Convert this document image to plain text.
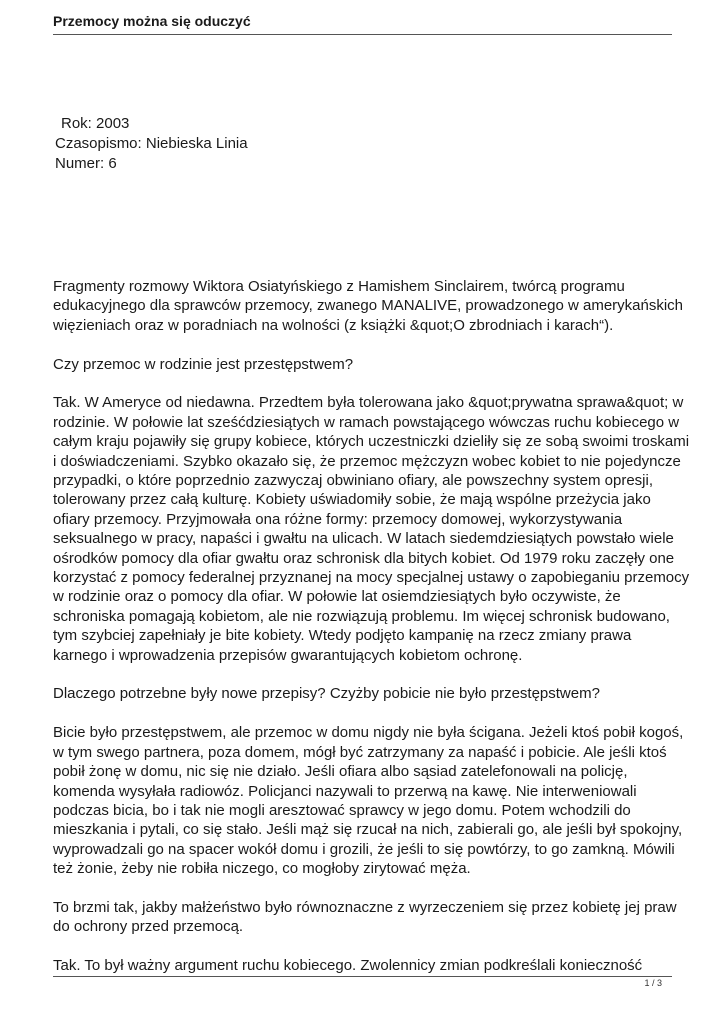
Przemocy można się oduczyć
Rok: 2003
Czasopismo: Niebieska Linia
Numer: 6
Fragmenty rozmowy Wiktora Osiatyńskiego z Hamishem Sinclairem, twórcą programu
edukacyjnego dla sprawców przemocy, zwanego MANALIVE, prowadzonego w amerykańskich
więzieniach oraz w poradniach na wolności (z książki &quot;O zbrodniach i karach“).
Czy przemoc w rodzinie jest przestępstwem?
Tak. W Ameryce od niedawna. Przedtem była tolerowana jako &quot;prywatna sprawa&quot; w
rodzinie. W połowie lat sześćdziesiątych w ramach powstającego wówczas ruchu kobiecego w
całym kraju pojawiły się grupy kobiece, których uczestniczki dzieliły się ze sobą swoimi troskami
i doświadczeniami. Szybko okazało się, że przemoc mężczyzn wobec kobiet to nie pojedyncze
przypadki, o które poprzednio zazwyczaj obwiniano ofiary, ale powszechny system opresji,
tolerowany przez całą kulturę. Kobiety uświadomiły sobie, że mają wspólne przeżycia jako
ofiary przemocy. Przyjmowała ona różne formy: przemocy domowej, wykorzystywania
seksualnego w pracy, napaści i gwałtu na ulicach. W latach siedemdziesiątych powstało wiele
ośrodków pomocy dla ofiar gwałtu oraz schronisk dla bitych kobiet. Od 1979 roku zaczęły one
korzystać z pomocy federalnej przyznanej na mocy specjalnej ustawy o zapobieganiu przemocy
w rodzinie oraz o pomocy dla ofiar. W połowie lat osiemdziesiątych było oczywiste, że
schroniska pomagają kobietom, ale nie rozwiązują problemu. Im więcej schronisk budowano,
tym szybciej zapełniały je bite kobiety. Wtedy podjęto kampanię na rzecz zmiany prawa
karnego i wprowadzenia przepisów gwarantujących kobietom ochronę.
Dlaczego potrzebne były nowe przepisy? Czyżby pobicie nie było przestępstwem?
Bicie było przestępstwem, ale przemoc w domu nigdy nie była ścigana. Jeżeli ktoś pobił kogoś,
w tym swego partnera, poza domem, mógł być zatrzymany za napaść i pobicie. Ale jeśli ktoś
pobił żonę w domu, nic się nie działo. Jeśli ofiara albo sąsiad zatelefonowali na policję,
komenda wysyłała radiowóz. Policjanci nazywali to przerwą na kawę. Nie interweniowali
podczas bicia, bo i tak nie mogli aresztować sprawcy w jego domu. Potem wchodzili do
mieszkania i pytali, co się stało. Jeśli mąż się rzucał na nich, zabierali go, ale jeśli był spokojny,
wyprowadzali go na spacer wokół domu i grozili, że jeśli to się powtórzy, to go zamkną. Mówili
też żonie, żeby nie robiła niczego, co mogłoby zirytować męża.
To brzmi tak, jakby małżeństwo było równoznaczne z wyrzeczeniem się przez kobietę jej praw
do ochrony przed przemocą.
Tak. To był ważny argument ruchu kobiecego. Zwolennicy zmian podkreślali konieczność
1 / 3
